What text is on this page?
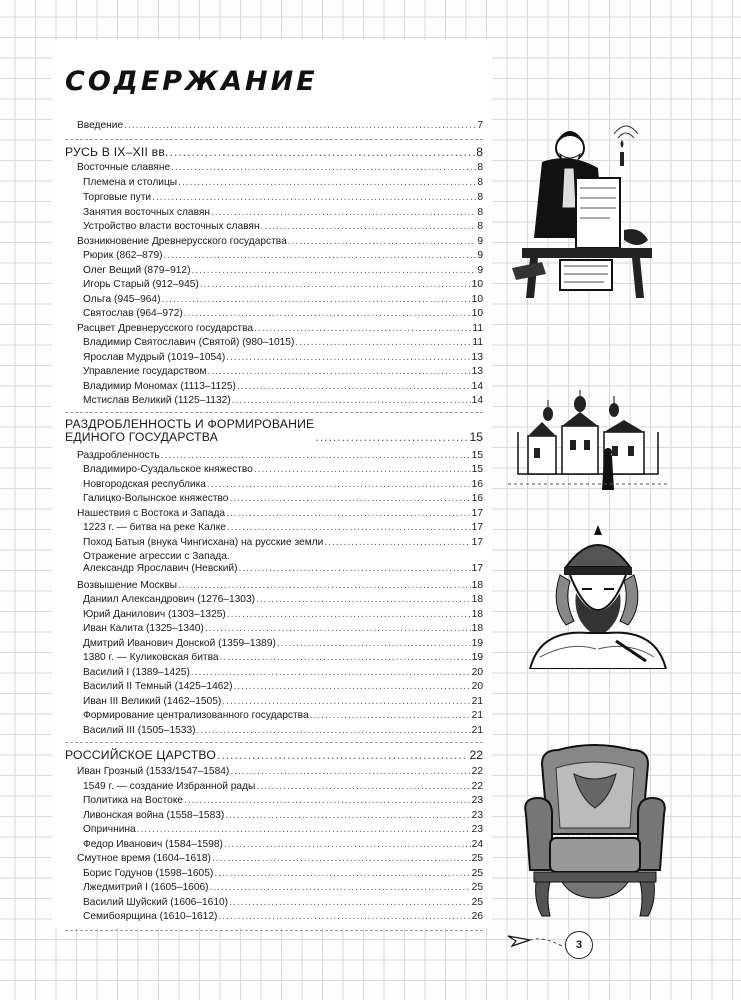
СОДЕРЖАНИЕ
Введение .....	7
РУСЬ В IX–XII вв. .....	8
Восточные славяне .....	8
Племена и столицы .....	8
Торговые пути .....	8
Занятия восточных славян .....	8
Устройство власти восточных славян .....	8
Возникновение Древнерусского государства .....	9
Рюрик (862–879) .....	9
Олег Вещий (879–912) .....	9
Игорь Старый (912–945) .....	10
Ольга (945–964) .....	10
Святослав (964–972) .....	10
Расцвет Древнерусского государства .....	11
Владимир Святославич (Святой) (980–1015) .....	11
Ярослав Мудрый (1019–1054) .....	13
Управление государством .....	13
Владимир Мономах (1113–1125) .....	14
Мстислав Великий (1125–1132) .....	14
РАЗДРОБЛЕННОСТЬ И ФОРМИРОВАНИЕ
ЕДИНОГО ГОСУДАРСТВА .....	15
Раздробленность .....	15
Владимиро-Суздальское княжество .....	15
Новгородская республика .....	16
Галицко-Волынское княжество .....	16
Нашествия с Востока и Запада .....	17
1223 г. — битва на реке Калке .....	17
Поход Батыя (внука Чингисхана) на русские земли .....	17
Отражение агрессии с Запада.
Александр Ярославич (Невский) .....	17
Возвышение Москвы .....	18
Даниил Александрович (1276–1303) .....	18
Юрий Данилович (1303–1325) .....	18
Иван Калита (1325–1340) .....	18
Дмитрий Иванович Донской (1359–1389) .....	19
1380 г. — Куликовская битва .....	19
Василий I (1389–1425) .....	20
Василий II Темный (1425–1462) .....	20
Иван III Великий (1462–1505) .....	21
Формирование централизованного государства .....	21
Василий III (1505–1533) .....	21
РОССИЙСКОЕ ЦАРСТВО .....	22
Иван Грозный (1533/1547–1584) .....	22
1549 г. — создание Избранной рады .....	22
Политика на Востоке .....	23
Ливонская война (1558–1583) .....	23
Опричнина .....	23
Федор Иванович (1584–1598) .....	24
Смутное время (1604–1618) .....	25
Борис Годунов (1598–1605) .....	25
Лжедмитрий I (1605–1606) .....	25
Василий Шуйский (1606–1610) .....	25
Семибоярщина (1610–1612) .....	26
3
